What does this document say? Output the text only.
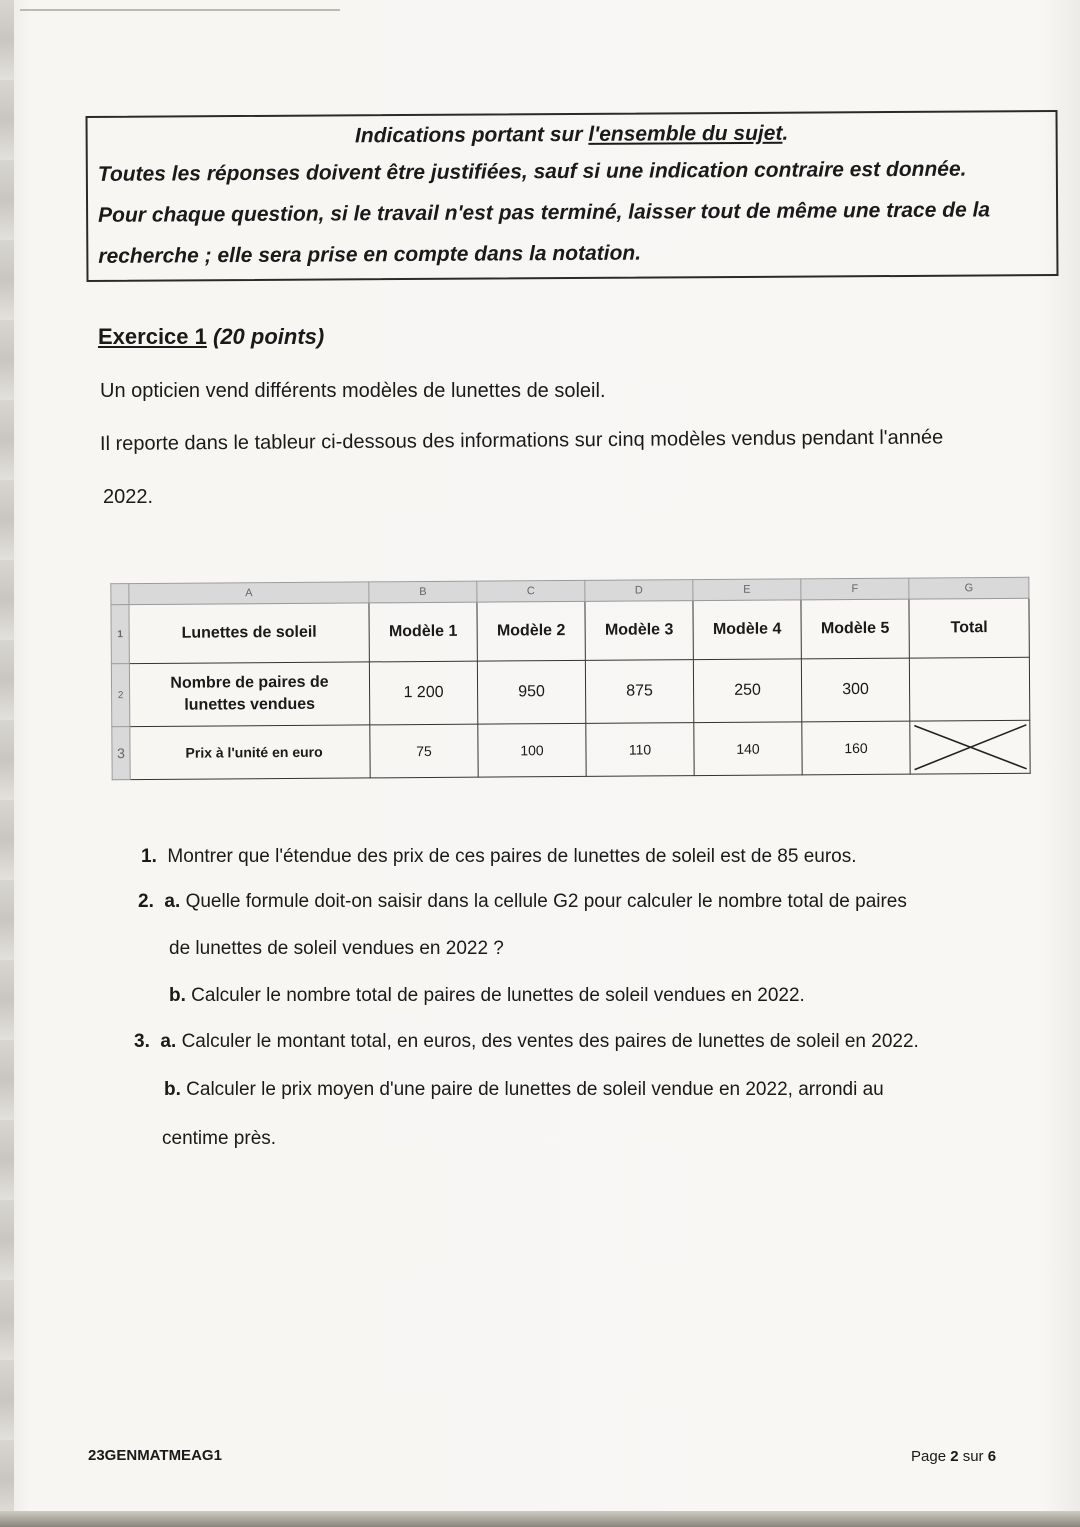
Indications portant sur l'ensemble du sujet.
Toutes les réponses doivent être justifiées, sauf si une indication contraire est donnée.
Pour chaque question, si le travail n'est pas terminé, laisser tout de même une trace de la
recherche ; elle sera prise en compte dans la notation.
Exercice 1 (20 points)
Un opticien vend différents modèles de lunettes de soleil.
Il reporte dans le tableur ci-dessous des informations sur cinq modèles vendus pendant l'année
2022.
	A	B	C	D	E	F	G
1	Lunettes de soleil	Modèle 1	Modèle 2	Modèle 3	Modèle 4	Modèle 5	Total
2	Nombre de paires de
lunettes vendues	1 200	950	875	250	300	
3	Prix à l'unité en euro	75	100	110	140	160	
1. Montrer que l'étendue des prix de ces paires de lunettes de soleil est de 85 euros.
2. a. Quelle formule doit-on saisir dans la cellule G2 pour calculer le nombre total de paires
de lunettes de soleil vendues en 2022 ?
b. Calculer le nombre total de paires de lunettes de soleil vendues en 2022.
3. a. Calculer le montant total, en euros, des ventes des paires de lunettes de soleil en 2022.
b. Calculer le prix moyen d'une paire de lunettes de soleil vendue en 2022, arrondi au
centime près.
23GENMATMEAG1	Page 2 sur 6
